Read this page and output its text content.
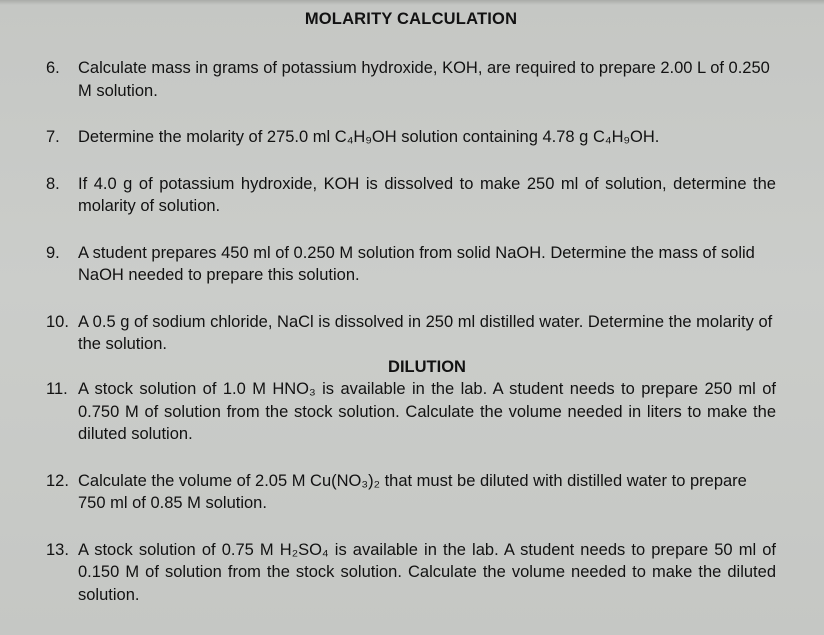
MOLARITY CALCULATION
6.	Calculate mass in grams of potassium hydroxide, KOH, are required to prepare 2.00 L of 0.250 M solution.
7.	Determine the molarity of 275.0 ml C₄H₉OH solution containing 4.78 g C₄H₉OH.
8.	If 4.0 g of potassium hydroxide, KOH is dissolved to make 250 ml of solution, determine the molarity of solution.
9.	A student prepares 450 ml of 0.250 M solution from solid NaOH. Determine the mass of solid NaOH needed to prepare this solution.
10. A 0.5 g of sodium chloride, NaCl is dissolved in 250 ml distilled water. Determine the molarity of the solution.
DILUTION
11. A stock solution of 1.0 M HNO₃ is available in the lab. A student needs to prepare 250 ml of 0.750 M of solution from the stock solution. Calculate the volume needed in liters to make the diluted solution.
12. Calculate the volume of 2.05 M Cu(NO₃)₂ that must be diluted with distilled water to prepare 750 ml of 0.85 M solution.
13. A stock solution of 0.75 M H₂SO₄ is available in the lab. A student needs to prepare 50 ml of 0.150 M of solution from the stock solution. Calculate the volume needed to make the diluted solution.
